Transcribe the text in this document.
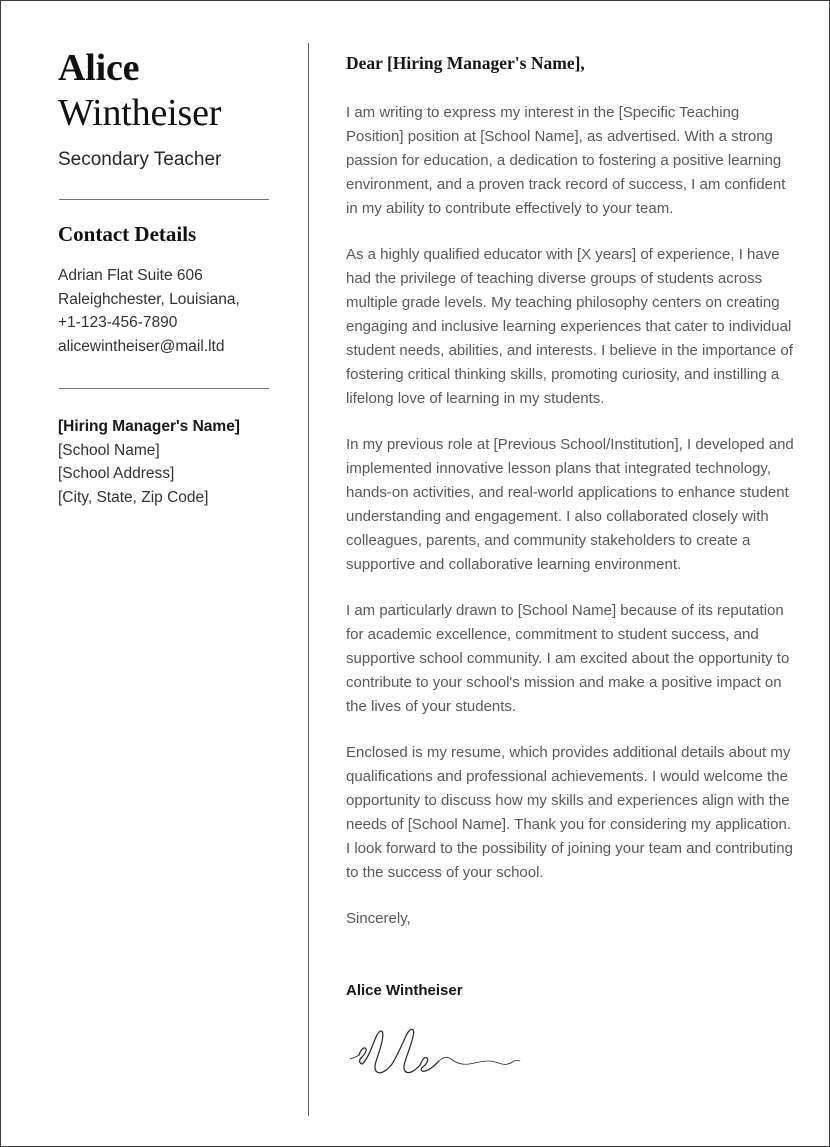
Alice
Wintheiser
Secondary Teacher
Contact Details
Adrian Flat Suite 606
Raleighchester, Louisiana,
+1-123-456-7890
alicewintheiser@mail.ltd
[Hiring Manager's Name]
[School Name]
[School Address]
[City, State, Zip Code]

Dear [Hiring Manager's Name],

I am writing to express my interest in the [Specific Teaching Position] position at [School Name], as advertised. With a strong passion for education, a dedication to fostering a positive learning environment, and a proven track record of success, I am confident in my ability to contribute effectively to your team.

As a highly qualified educator with [X years] of experience, I have had the privilege of teaching diverse groups of students across multiple grade levels. My teaching philosophy centers on creating engaging and inclusive learning experiences that cater to individual student needs, abilities, and interests. I believe in the importance of fostering critical thinking skills, promoting curiosity, and instilling a lifelong love of learning in my students.

In my previous role at [Previous School/Institution], I developed and implemented innovative lesson plans that integrated technology, hands-on activities, and real-world applications to enhance student understanding and engagement. I also collaborated closely with colleagues, parents, and community stakeholders to create a supportive and collaborative learning environment.

I am particularly drawn to [School Name] because of its reputation for academic excellence, commitment to student success, and supportive school community. I am excited about the opportunity to contribute to your school's mission and make a positive impact on the lives of your students.

Enclosed is my resume, which provides additional details about my qualifications and professional achievements. I would welcome the opportunity to discuss how my skills and experiences align with the needs of [School Name]. Thank you for considering my application. I look forward to the possibility of joining your team and contributing to the success of your school.

Sincerely,

Alice Wintheiser
